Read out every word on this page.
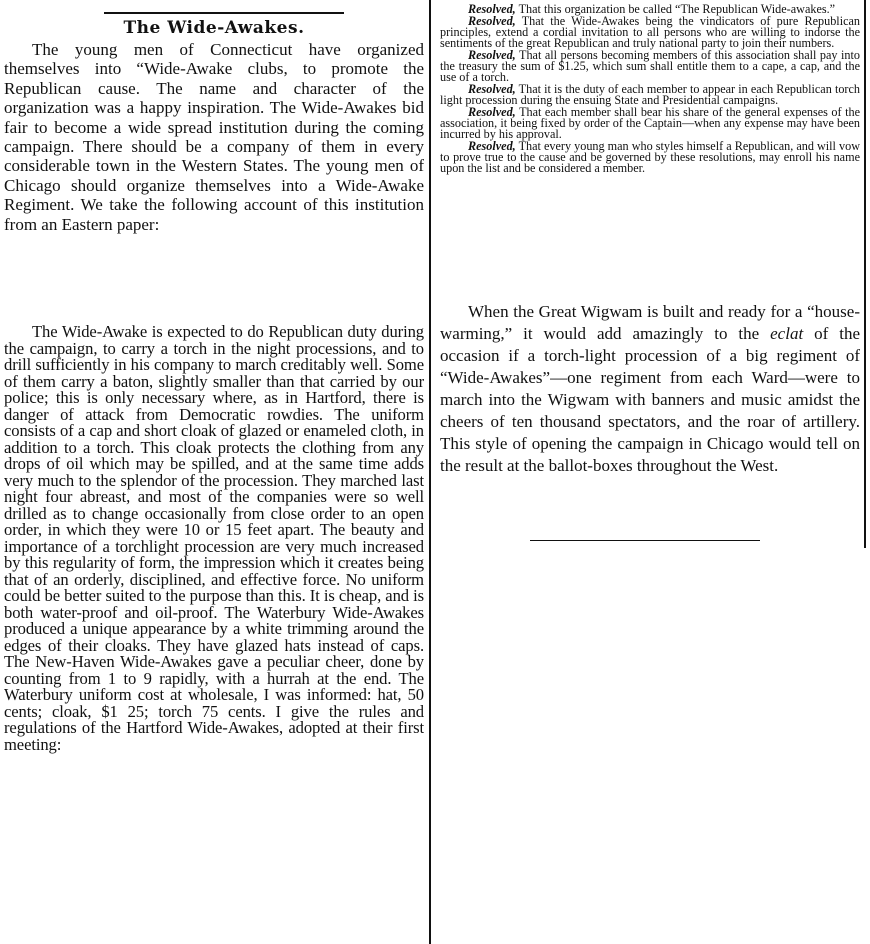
The Wide-Awakes.

The young men of Connecticut have organized themselves into “Wide-Awake clubs, to promote the Republican cause. The name and character of the organization was a happy inspiration. The Wide-Awakes bid fair to become a wide spread institution during the coming campaign. There should be a company of them in every considerable town in the Western States. The young men of Chicago should organize themselves into a Wide-Awake Regiment. We take the following account of this institution from an Eastern paper:

The Wide-Awake is expected to do Republican duty during the campaign, to carry a torch in the night processions, and to drill sufficiently in his company to march creditably well. Some of them carry a baton, slightly smaller than that carried by our police; this is only necessary where, as in Hartford, there is danger of attack from Democratic rowdies. The uniform consists of a cap and short cloak of glazed or enameled cloth, in addition to a torch. This cloak protects the clothing from any drops of oil which may be spilled, and at the same time adds very much to the splendor of the procession. They marched last night four abreast, and most of the companies were so well drilled as to change occasionally from close order to an open order, in which they were 10 or 15 feet apart. The beauty and importance of a torchlight procession are very much increased by this regularity of form, the impression which it creates being that of an orderly, disciplined, and effective force. No uniform could be better suited to the purpose than this. It is cheap, and is both water-proof and oil-proof. The Waterbury Wide-Awakes produced a unique appearance by a white trimming around the edges of their cloaks. They have glazed hats instead of caps. The New-Haven Wide-Awakes gave a peculiar cheer, done by counting from 1 to 9 rapidly, with a hurrah at the end. The Waterbury uniform cost at wholesale, I was informed: hat, 50 cents; cloak, $1 25; torch 75 cents. I give the rules and regulations of the Hartford Wide-Awakes, adopted at their first meeting:

Resolved, That this organization be called “The Republican Wide-awakes.”

Resolved, That the Wide-Awakes being the vindicators of pure Republican principles, extend a cordial invitation to all persons who are willing to indorse the sentiments of the great Republican and truly national party to join their numbers.

Resolved, That all persons becoming members of this association shall pay into the treasury the sum of $1.25, which sum shall entitle them to a cape, a cap, and the use of a torch.

Resolved, That it is the duty of each member to appear in each Republican torch light procession during the ensuing State and Presidential campaigns.

Resolved, That each member shall bear his share of the general expenses of the association, it being fixed by order of the Captain—when any expense may have been incurred by his approval.

Resolved, That every young man who styles himself a Republican, and will vow to prove true to the cause and be governed by these resolutions, may enroll his name upon the list and be considered a member.

When the Great Wigwam is built and ready for a “house-warming,” it would add amazingly to the eclat of the occasion if a torch-light procession of a big regiment of “Wide-Awakes”—one regiment from each Ward—were to march into the Wigwam with banners and music amidst the cheers of ten thousand spectators, and the roar of artillery. This style of opening the campaign in Chicago would tell on the result at the ballot-boxes throughout the West.
